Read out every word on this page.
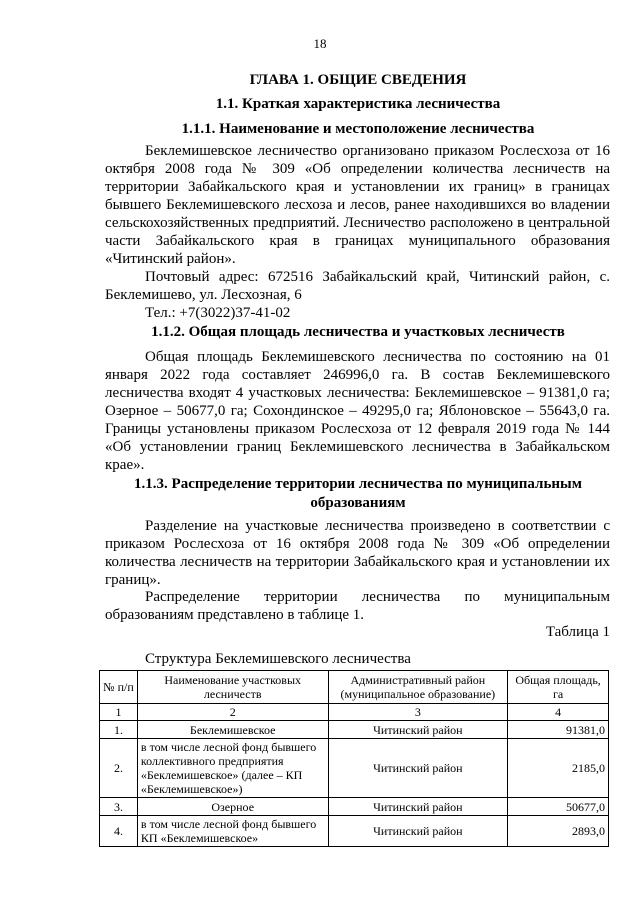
18
ГЛАВА 1. ОБЩИЕ СВЕДЕНИЯ
1.1. Краткая характеристика лесничества
1.1.1. Наименование и местоположение лесничества
Беклемишевское лесничество организовано приказом Рослесхоза от 16 октября 2008 года № 309 «Об определении количества лесничеств на территории Забайкальского края и установлении их границ» в границах бывшего Беклемишевского лесхоза и лесов, ранее находившихся во владении сельскохозяйственных предприятий. Лесничество расположено в центральной части Забайкальского края в границах муниципального образования «Читинский район».
Почтовый адрес: 672516 Забайкальский край, Читинский район, с. Беклемишево, ул. Лесхозная, 6
Тел.: +7(3022)37-41-02
1.1.2. Общая площадь лесничества и участковых лесничеств
Общая площадь Беклемишевского лесничества по состоянию на 01 января 2022 года составляет 246996,0 га. В состав Беклемишевского лесничества входят 4 участковых лесничества: Беклемишевское – 91381,0 га; Озерное – 50677,0 га; Сохондинское – 49295,0 га; Яблоновское – 55643,0 га. Границы установлены приказом Рослесхоза от 12 февраля 2019 года № 144 «Об установлении границ Беклемишевского лесничества в Забайкальском крае».
1.1.3. Распределение территории лесничества по муниципальным
образованиям
Разделение на участковые лесничества произведено в соответствии с приказом Рослесхоза от 16 октября 2008 года № 309 «Об определении количества лесничеств на территории Забайкальского края и установлении их границ».
Распределение территории лесничества по муниципальным образованиям представлено в таблице 1.
Таблица 1
Структура Беклемишевского лесничества
№ п/п	Наименование участковых лесничеств	Административный район (муниципальное образование)	Общая площадь, га
1	2	3	4
1.	Беклемишевское	Читинский район	91381,0
2.	в том числе лесной фонд бывшего коллективного предприятия «Беклемишевское» (далее – КП «Беклемишевское»)	Читинский район	2185,0
3.	Озерное	Читинский район	50677,0
4.	в том числе лесной фонд бывшего КП «Беклемишевское»	Читинский район	2893,0
